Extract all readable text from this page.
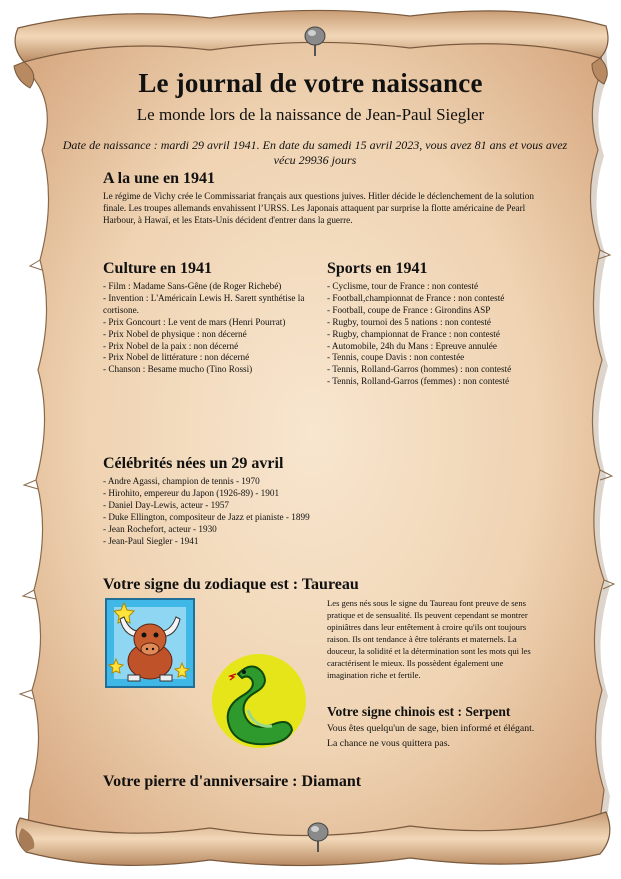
Le journal de votre naissance
Le monde lors de la naissance de Jean-Paul Siegler
Date de naissance : mardi 29 avril 1941. En date du samedi 15 avril 2023, vous avez 81 ans et vous avez vécu 29936 jours
A la une en 1941
Le régime de Vichy crée le Commissariat français aux questions juives. Hitler décide le déclenchement de la solution finale. Les troupes allemands envahissent l’URSS. Les Japonais attaquent par surprise la flotte américaine de Pearl Harbour, à Hawaï, et les Etats-Unis décident d'entrer dans la guerre.
Culture en 1941
- Film : Madame Sans-Gêne (de Roger Richebé)
- Invention : L'Américain Lewis H. Sarett synthétise la cortisone.
- Prix Goncourt : Le vent de mars (Henri Pourrat)
- Prix Nobel de physique : non décerné
- Prix Nobel de la paix : non décerné
- Prix Nobel de littérature : non décerné
- Chanson : Besame mucho (Tino Rossi)
Sports en 1941
- Cyclisme, tour de France : non contesté
- Football,championnat de France : non contesté
- Football, coupe de France : Girondins ASP
- Rugby, tournoi des 5 nations : non contesté
- Rugby, championnat de France : non contesté
- Automobile, 24h du Mans : Epreuve annulée
- Tennis, coupe Davis : non contestée
- Tennis, Rolland-Garros (hommes) : non contesté
- Tennis, Rolland-Garros (femmes) : non contesté
Célébrités nées un 29 avril
- Andre Agassi, champion de tennis - 1970
- Hirohito, empereur du Japon (1926-89) - 1901
- Daniel Day-Lewis, acteur - 1957
- Duke Ellington, compositeur de Jazz et pianiste - 1899
- Jean Rochefort, acteur - 1930
- Jean-Paul Siegler - 1941
Votre signe du zodiaque est : Taureau
Les gens nés sous le signe du Taureau font preuve de sens pratique et de sensualité. Ils peuvent cependant se montrer opiniâtres dans leur entêtement à croire qu'ils ont toujours raison. Ils ont tendance à être tolérants et maternels. La douceur, la solidité et la détermination sont les mots qui les caractérisent le mieux. Ils possèdent également une imagination riche et fertile.
Votre signe chinois est : Serpent
Vous êtes quelqu'un de sage, bien informé et élégant. La chance ne vous quittera pas.
Votre pierre d'anniversaire : Diamant
